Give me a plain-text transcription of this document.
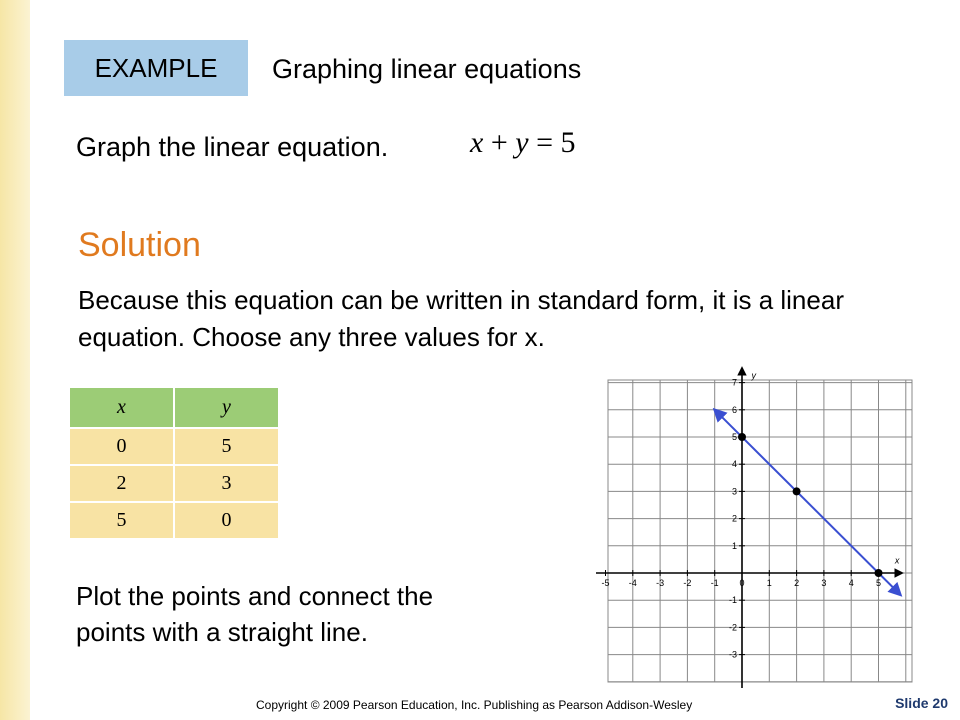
EXAMPLE	Graphing linear equations
Graph the linear equation.	x + y = 5
Solution
Because this equation can be written in standard form, it is a linear equation. Choose any three values for x.
x	y
0	5
2	3
5	0
Plot the points and connect the points with a straight line.
x
y
-5 -4 -3 -2 -1 0 1 2 3 4 5
-3
-2
-1
1
2
3
4
5
6
7
Copyright © 2009 Pearson Education, Inc. Publishing as Pearson Addison-Wesley	Slide 20
